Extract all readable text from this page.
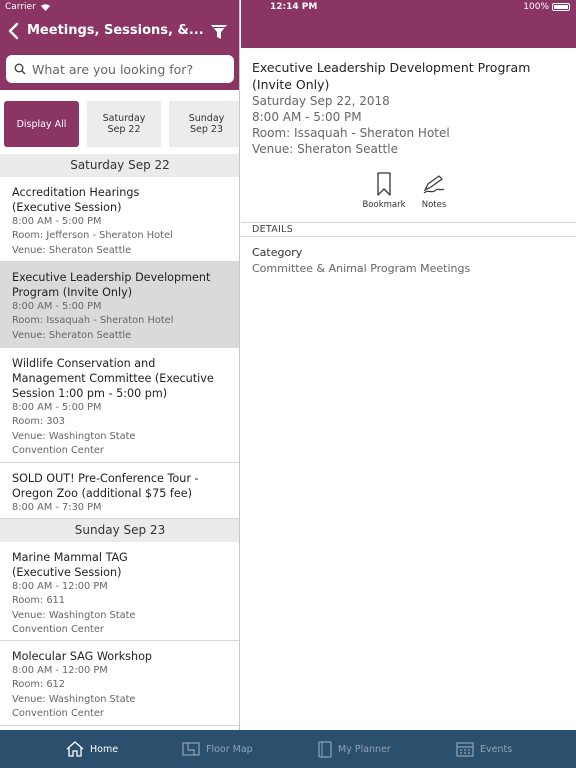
Carrier	12:14 PM	100%
Meetings, Sessions, &...
What are you looking for?
Display All	Saturday
Sep 22
Sunday
Sep 23
Saturday Sep 22
Accreditation Hearings
(Executive Session)
8:00 AM - 5:00 PM
Room: Jefferson - Sheraton Hotel
Venue: Sheraton Seattle
Executive Leadership Development
Program (Invite Only)
8:00 AM - 5:00 PM
Room: Issaquah - Sheraton Hotel
Venue: Sheraton Seattle
Wildlife Conservation and
Management Committee (Executive
Session 1:00 pm - 5:00 pm)
8:00 AM - 5:00 PM
Room: 303
Venue: Washington State
Convention Center
SOLD OUT! Pre-Conference Tour -
Oregon Zoo (additional $75 fee)
8:00 AM - 7:30 PM
Sunday Sep 23
Marine Mammal TAG
(Executive Session)
8:00 AM - 12:00 PM
Room: 611
Venue: Washington State
Convention Center
Molecular SAG Workshop
8:00 AM - 12:00 PM
Room: 612
Venue: Washington State
Convention Center
Executive Leadership Development Program
(Invite Only)
Saturday Sep 22, 2018
8:00 AM - 5:00 PM
Room: Issaquah - Sheraton Hotel
Venue: Sheraton Seattle
Bookmark	Notes
DETAILS
Category
Committee & Animal Program Meetings
Home	Floor Map	My Planner	Events
